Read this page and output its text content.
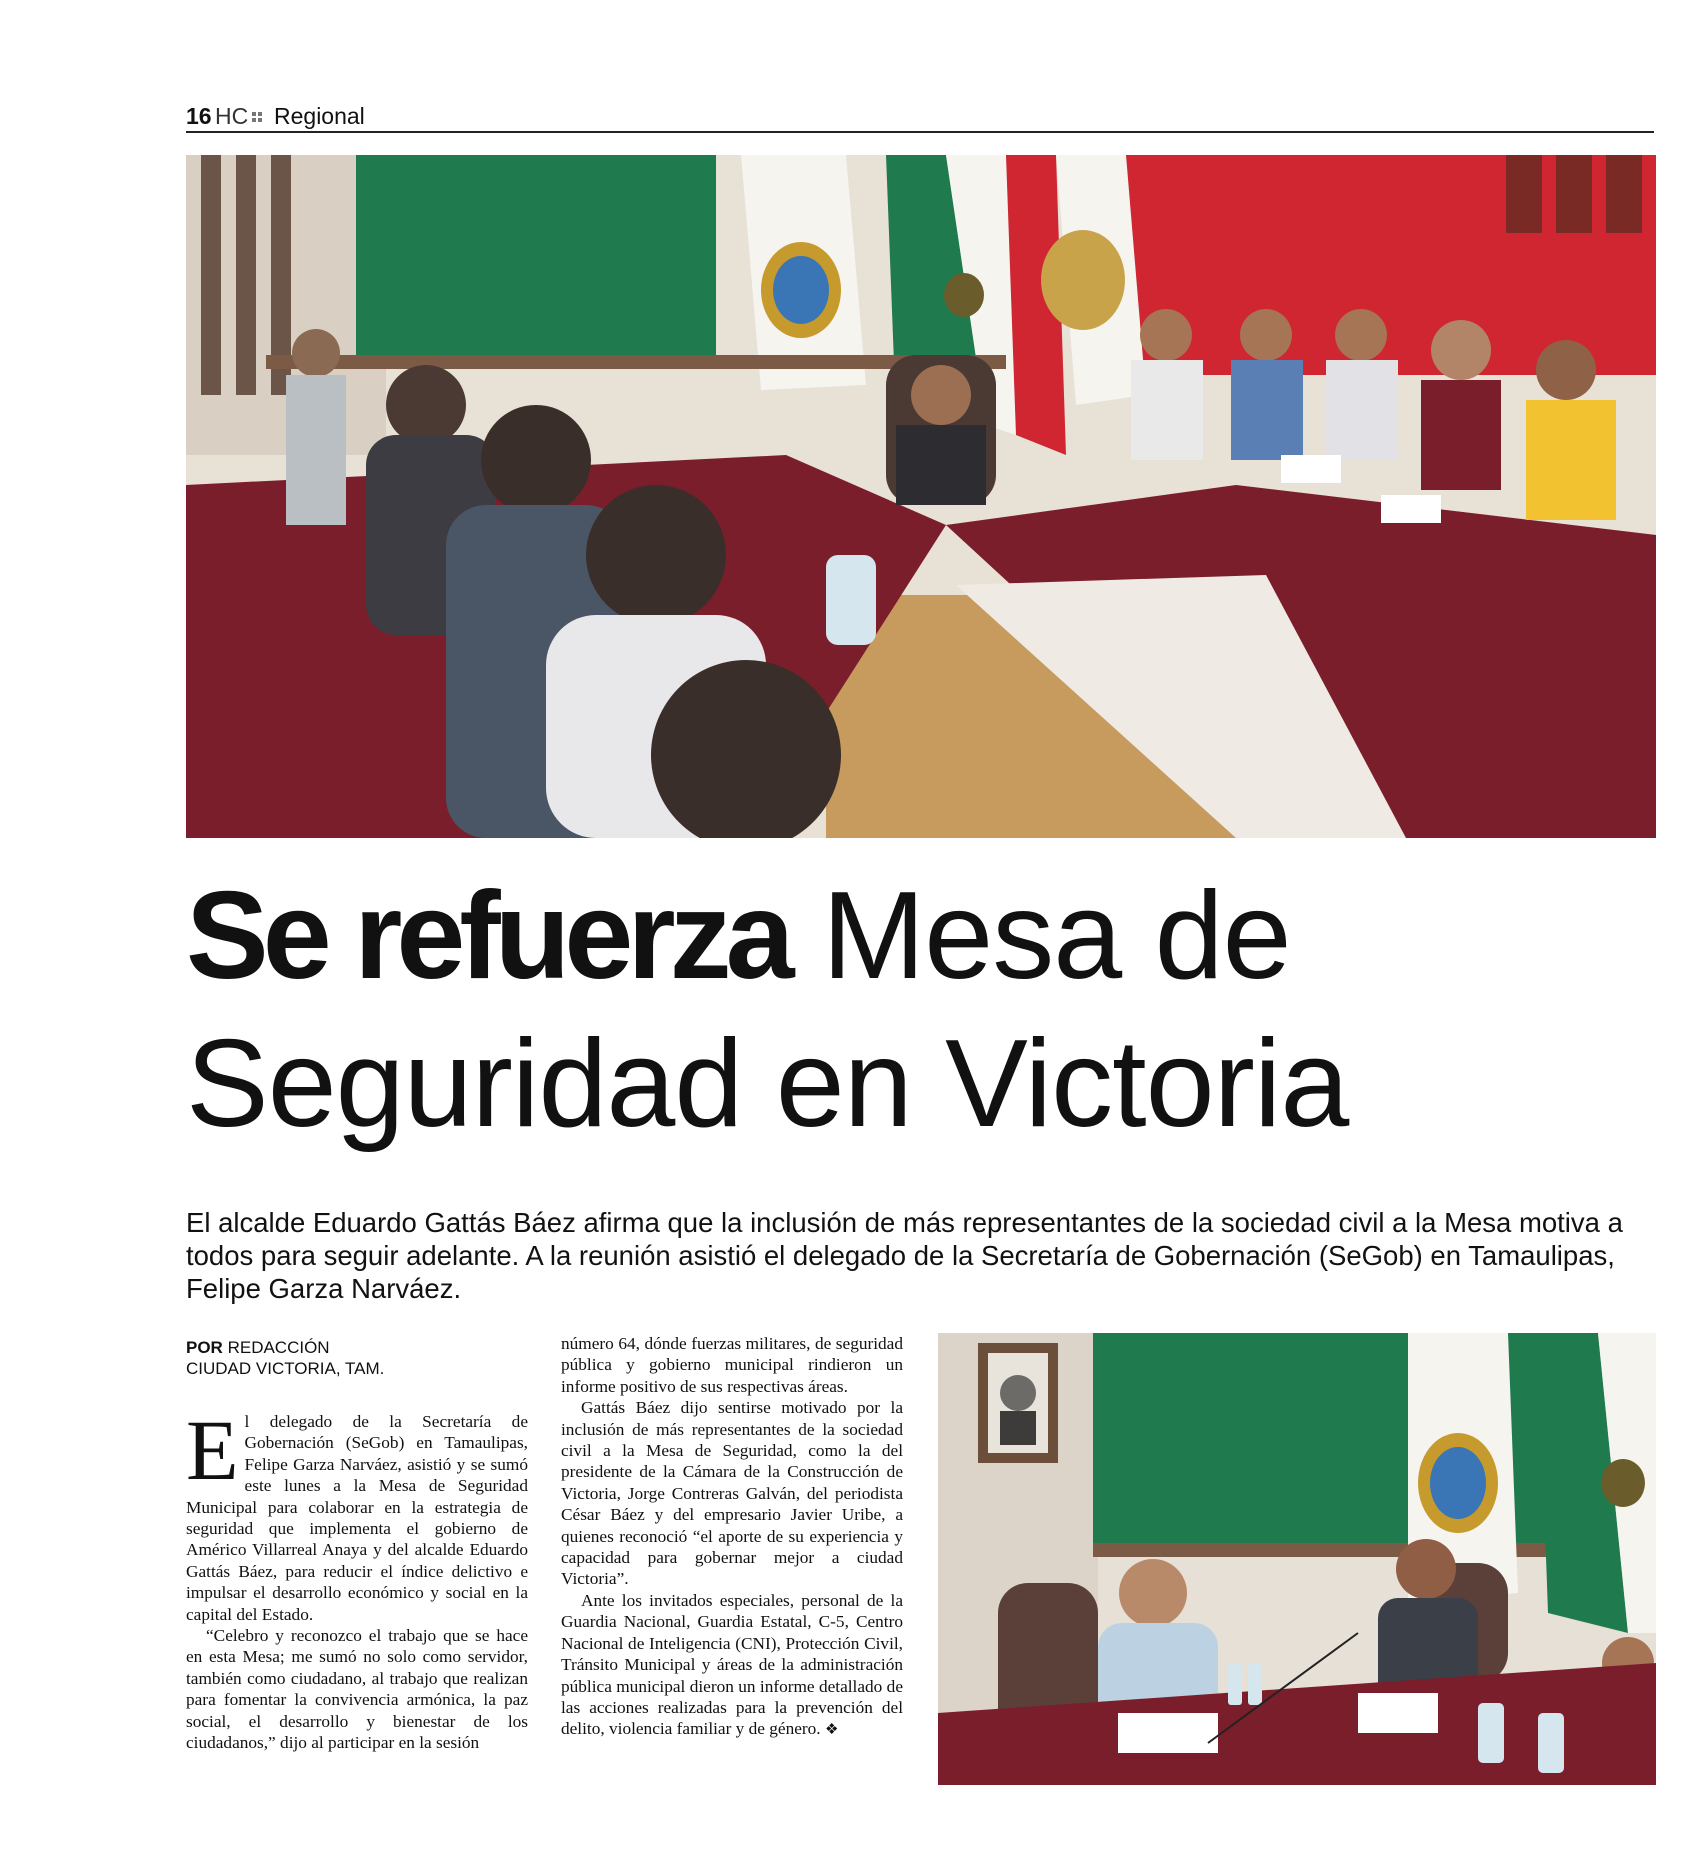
16 HC Regional
Se refuerza Mesa de
Seguridad en Victoria

El alcalde Eduardo Gattás Báez afirma que la inclusión de más representantes de la sociedad civil a la Mesa motiva a todos para seguir adelante. A la reunión asistió el delegado de la Secretaría de Gobernación (SeGob) en Tamaulipas, Felipe Garza Narváez.

POR REDACCIÓN
CIUDAD VICTORIA, TAM.

El delegado de la Secretaría de Gobernación (SeGob) en Tamaulipas, Felipe Garza Narváez, asistió y se sumó este lunes a la Mesa de Seguridad Municipal para colaborar en la estrategia de seguridad que implementa el gobierno de Américo Villarreal Anaya y del alcalde Eduardo Gattás Báez, para reducir el índice delictivo e impulsar el desarrollo económico y social en la capital del Estado.

“Celebro y reconozco el trabajo que se hace en esta Mesa; me sumó no solo como servidor, también como ciudadano, al trabajo que realizan para fomentar la convivencia armónica, la paz social, el desarrollo y bienestar de los ciudadanos,” dijo al participar en la sesión

número 64, dónde fuerzas militares, de seguridad pública y gobierno municipal rindieron un informe positivo de sus respectivas áreas.

Gattás Báez dijo sentirse motivado por la inclusión de más representantes de la sociedad civil a la Mesa de Seguridad, como la del presidente de la Cámara de la Construcción de Victoria, Jorge Contreras Galván, del periodista César Báez y del empresario Javier Uribe, a quienes reconoció “el aporte de su experiencia y capacidad para gobernar mejor a ciudad Victoria”.

Ante los invitados especiales, personal de la Guardia Nacional, Guardia Estatal, C-5, Centro Nacional de Inteligencia (CNI), Protección Civil, Tránsito Municipal y áreas de la administración pública municipal dieron un informe detallado de las acciones realizadas para la prevención del delito, violencia familiar y de género. ❖
